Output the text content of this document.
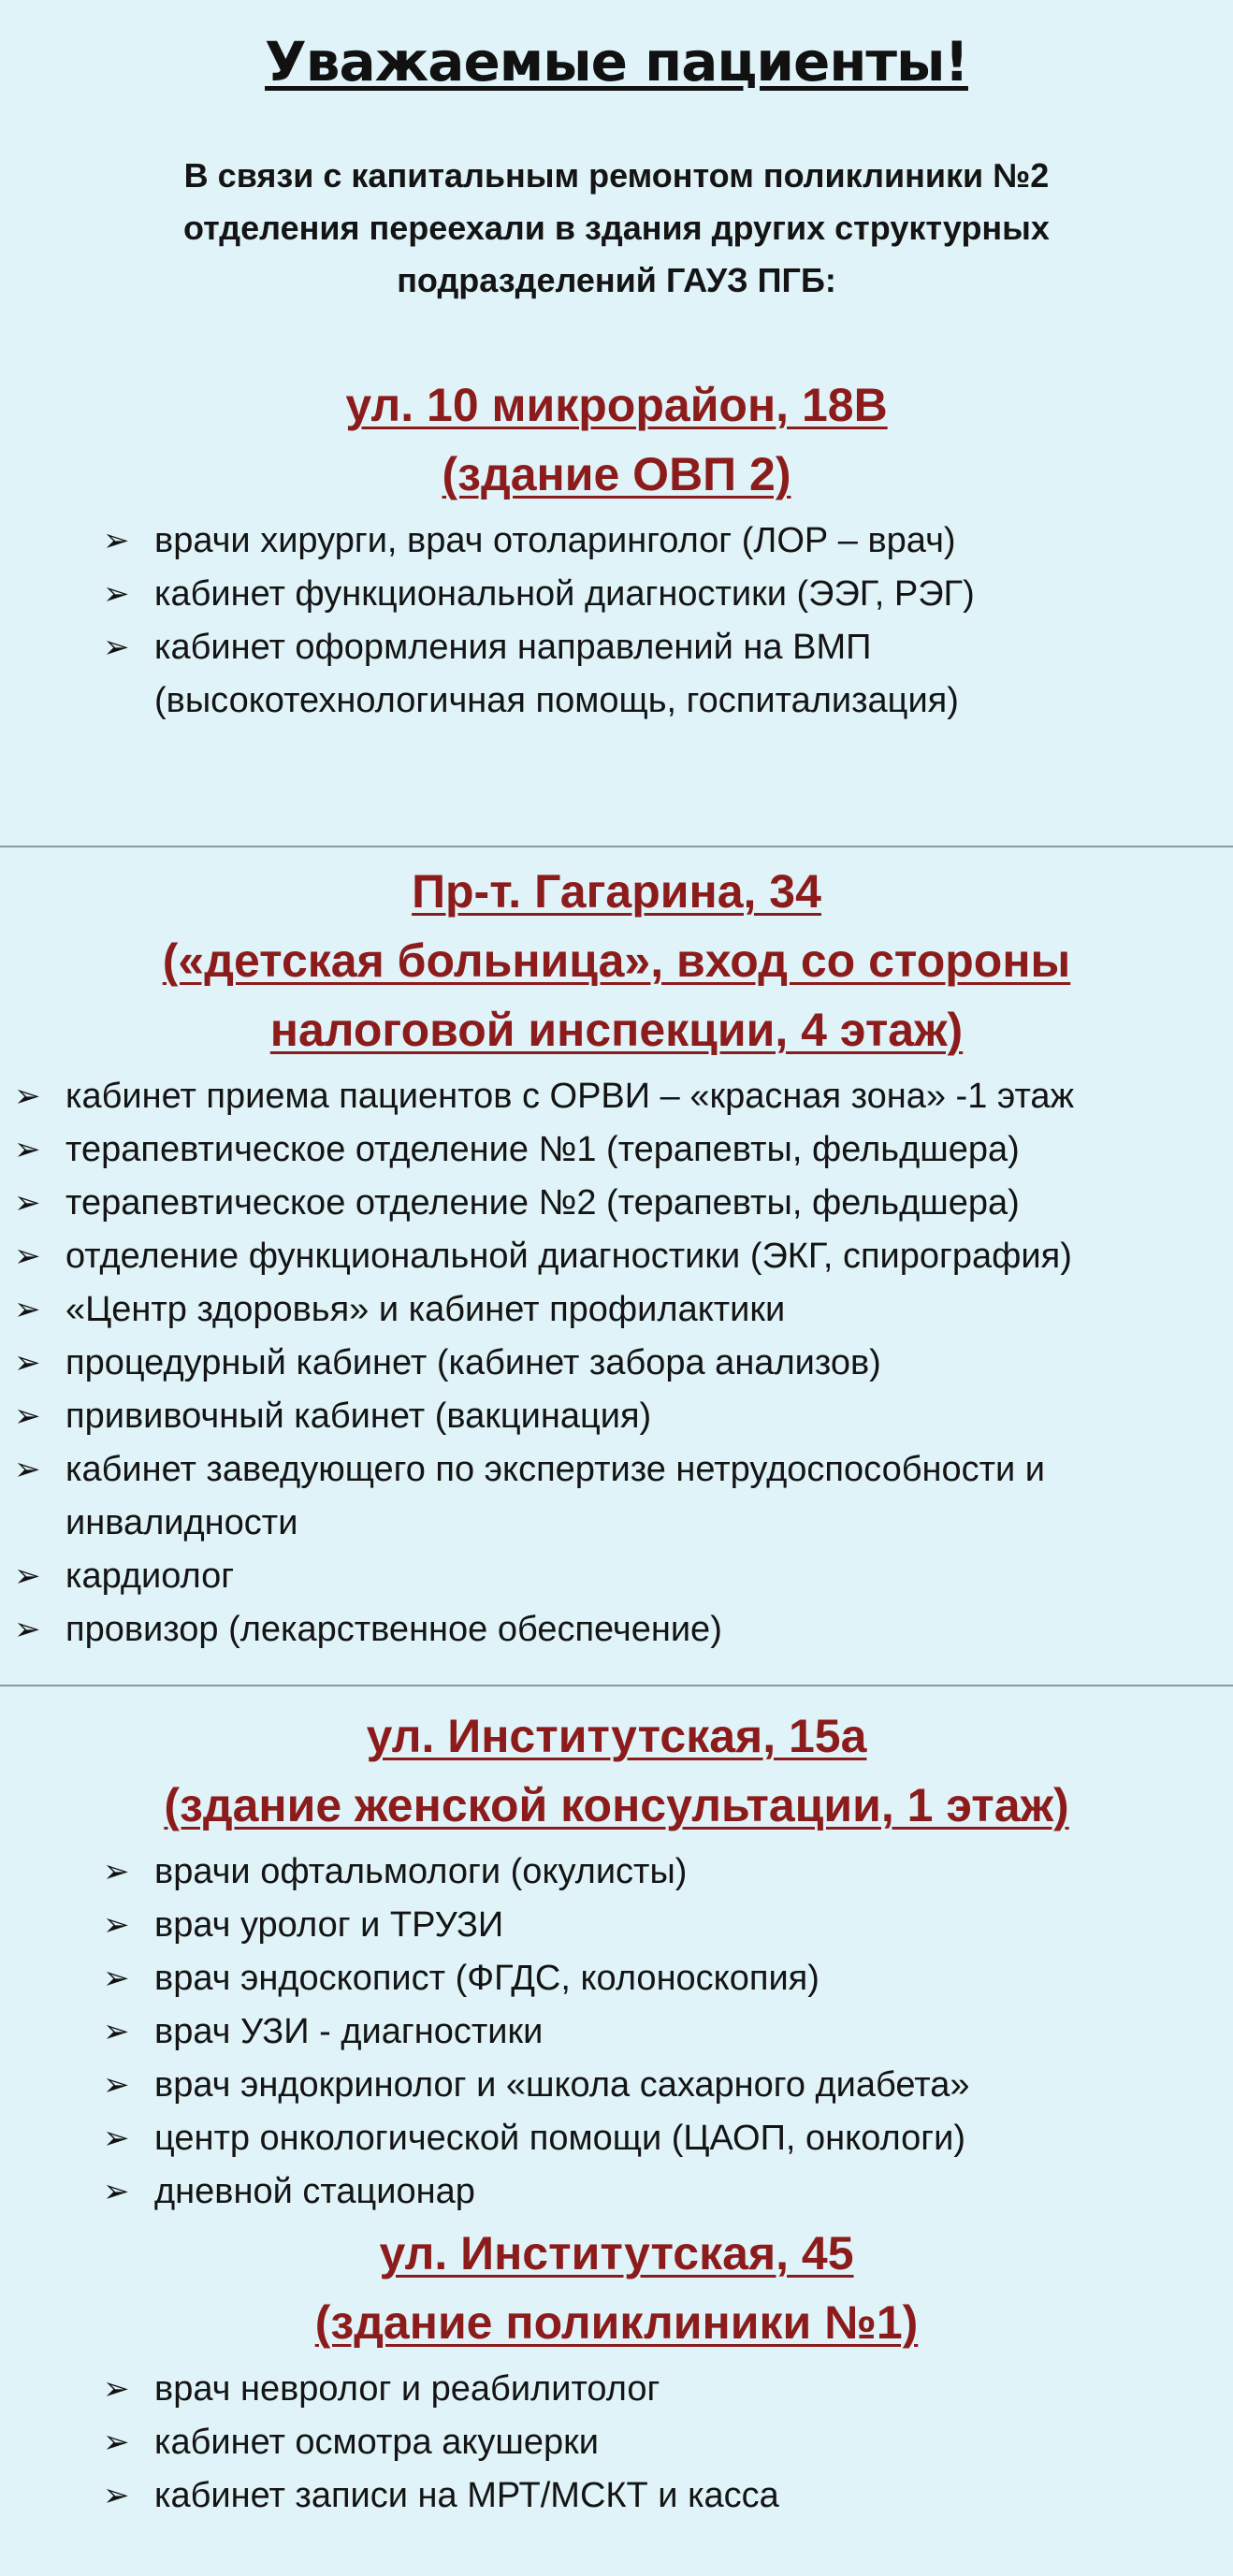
Уважаемые пациенты!

В связи с капитальным ремонтом поликлиники №2 отделения переехали в здания других структурных подразделений ГАУЗ ПГБ:

ул. 10 микрорайон, 18В

(здание ОВП 2)

➢ врачи хирурги, врач отоларинголог (ЛОР – врач)
➢ кабинет функциональной диагностики (ЭЭГ, РЭГ)
➢ кабинет оформления направлений на ВМП (высокотехнологичная помощь, госпитализация)

Пр-т. Гагарина, 34

(«детская больница», вход со стороны

налоговой инспекции, 4 этаж)

➢ кабинет приема пациентов с ОРВИ – «красная зона» -1 этаж
➢ терапевтическое отделение №1 (терапевты, фельдшера)
➢ терапевтическое отделение №2 (терапевты, фельдшера)
➢ отделение функциональной диагностики (ЭКГ, спирография)
➢ «Центр здоровья» и кабинет профилактики
➢ процедурный кабинет (кабинет забора анализов)
➢ прививочный кабинет (вакцинация)
➢ кабинет заведующего по экспертизе нетрудоспособности и инвалидности
➢ кардиолог
➢ провизор (лекарственное обеспечение)

ул. Институтская, 15а

(здание женской консультации, 1 этаж)

➢ врачи офтальмологи (окулисты)
➢ врач уролог и ТРУЗИ
➢ врач эндоскопист (ФГДС, колоноскопия)
➢ врач УЗИ - диагностики
➢ врач эндокринолог и «школа сахарного диабета»
➢ центр онкологической помощи (ЦАОП, онкологи)
➢ дневной стационар

ул. Институтская, 45

(здание поликлиники №1)

➢ врач невролог и реабилитолог
➢ кабинет осмотра акушерки
➢ кабинет записи на МРТ/МСКТ и касса
